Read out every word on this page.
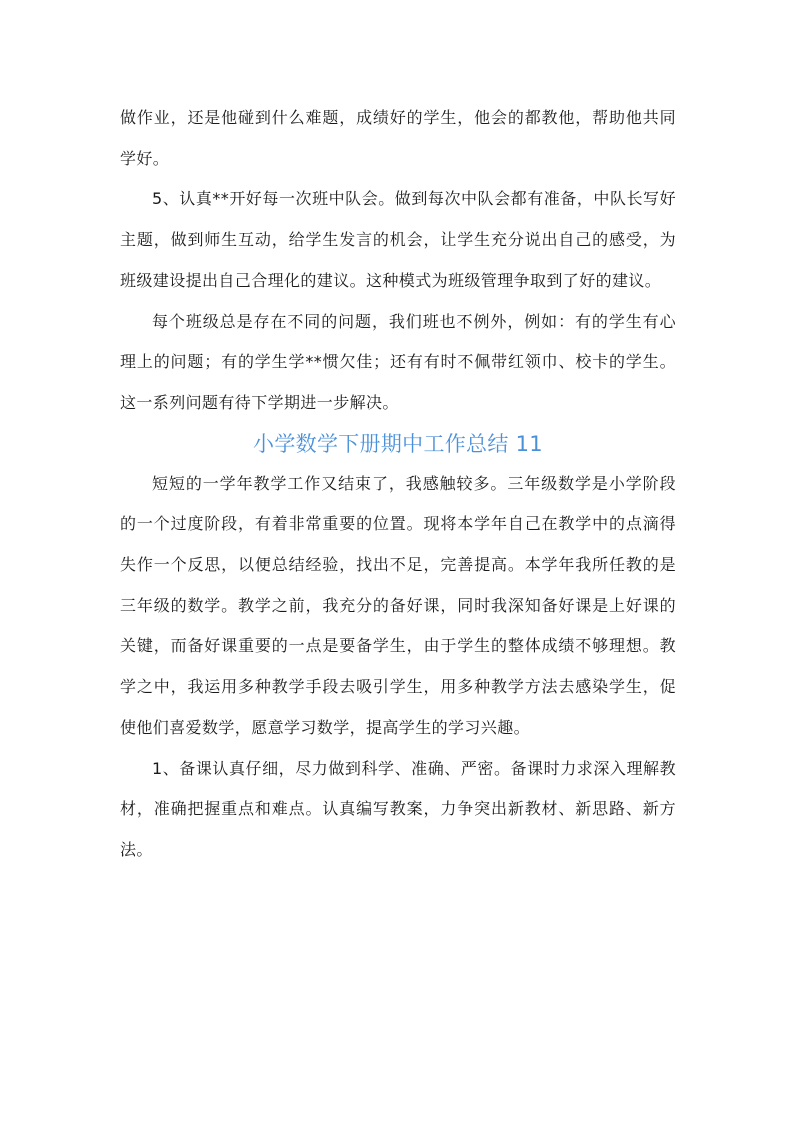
做作业，还是他碰到什么难题，成绩好的学生，他会的都教他，帮助他共同学好。

5、认真**开好每一次班中队会。做到每次中队会都有准备，中队长写好主题，做到师生互动，给学生发言的机会，让学生充分说出自己的感受，为班级建设提出自己合理化的建议。这种模式为班级管理争取到了好的建议。

每个班级总是存在不同的问题，我们班也不例外，例如：有的学生有心理上的问题；有的学生学**惯欠佳；还有有时不佩带红领巾、校卡的学生。这一系列问题有待下学期进一步解决。

小学数学下册期中工作总结 11

短短的一学年教学工作又结束了，我感触较多。三年级数学是小学阶段的一个过度阶段，有着非常重要的位置。现将本学年自己在教学中的点滴得失作一个反思，以便总结经验，找出不足，完善提高。本学年我所任教的是三年级的数学。教学之前，我充分的备好课，同时我深知备好课是上好课的关键，而备好课重要的一点是要备学生，由于学生的整体成绩不够理想。教学之中，我运用多种教学手段去吸引学生，用多种教学方法去感染学生，促使他们喜爱数学，愿意学习数学，提高学生的学习兴趣。

1、备课认真仔细，尽力做到科学、准确、严密。备课时力求深入理解教材，准确把握重点和难点。认真编写教案，力争突出新教材、新思路、新方法。
